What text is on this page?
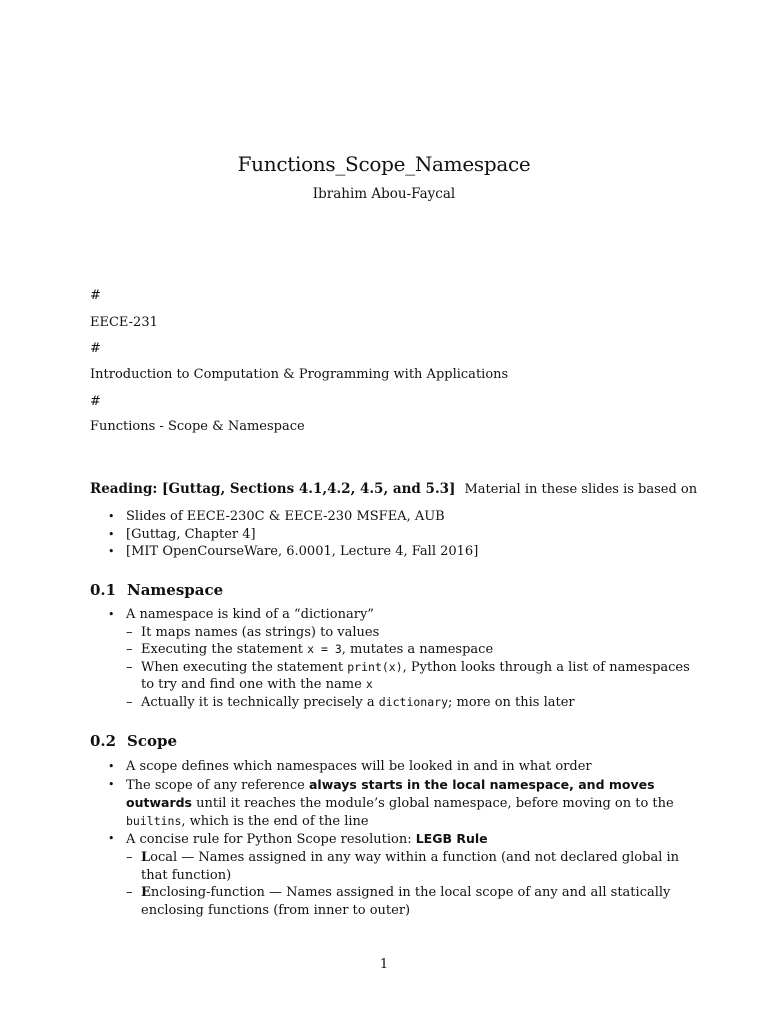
Functions_Scope_Namespace
Ibrahim Abou-Faycal
#
EECE-231
#
Introduction to Computation & Programming with Applications
#
Functions - Scope & Namespace
Reading: [Guttag, Sections 4.1,4.2, 4.5, and 5.3] Material in these slides is based on
• Slides of EECE-230C & EECE-230 MSFEA, AUB
• [Guttag, Chapter 4]
• [MIT OpenCourseWare, 6.0001, Lecture 4, Fall 2016]
0.1 Namespace
• A namespace is kind of a “dictionary”
– It maps names (as strings) to values
– Executing the statement x = 3, mutates a namespace
– When executing the statement print(x), Python looks through a list of namespaces to try and find one with the name x
– Actually it is technically precisely a dictionary; more on this later
0.2 Scope
• A scope defines which namespaces will be looked in and in what order
• The scope of any reference always starts in the local namespace, and moves outwards until it reaches the module’s global namespace, before moving on to the builtins, which is the end of the line
• A concise rule for Python Scope resolution: LEGB Rule
– Local — Names assigned in any way within a function (and not declared global in that function)
– Enclosing-function — Names assigned in the local scope of any and all statically enclosing functions (from inner to outer)
1
